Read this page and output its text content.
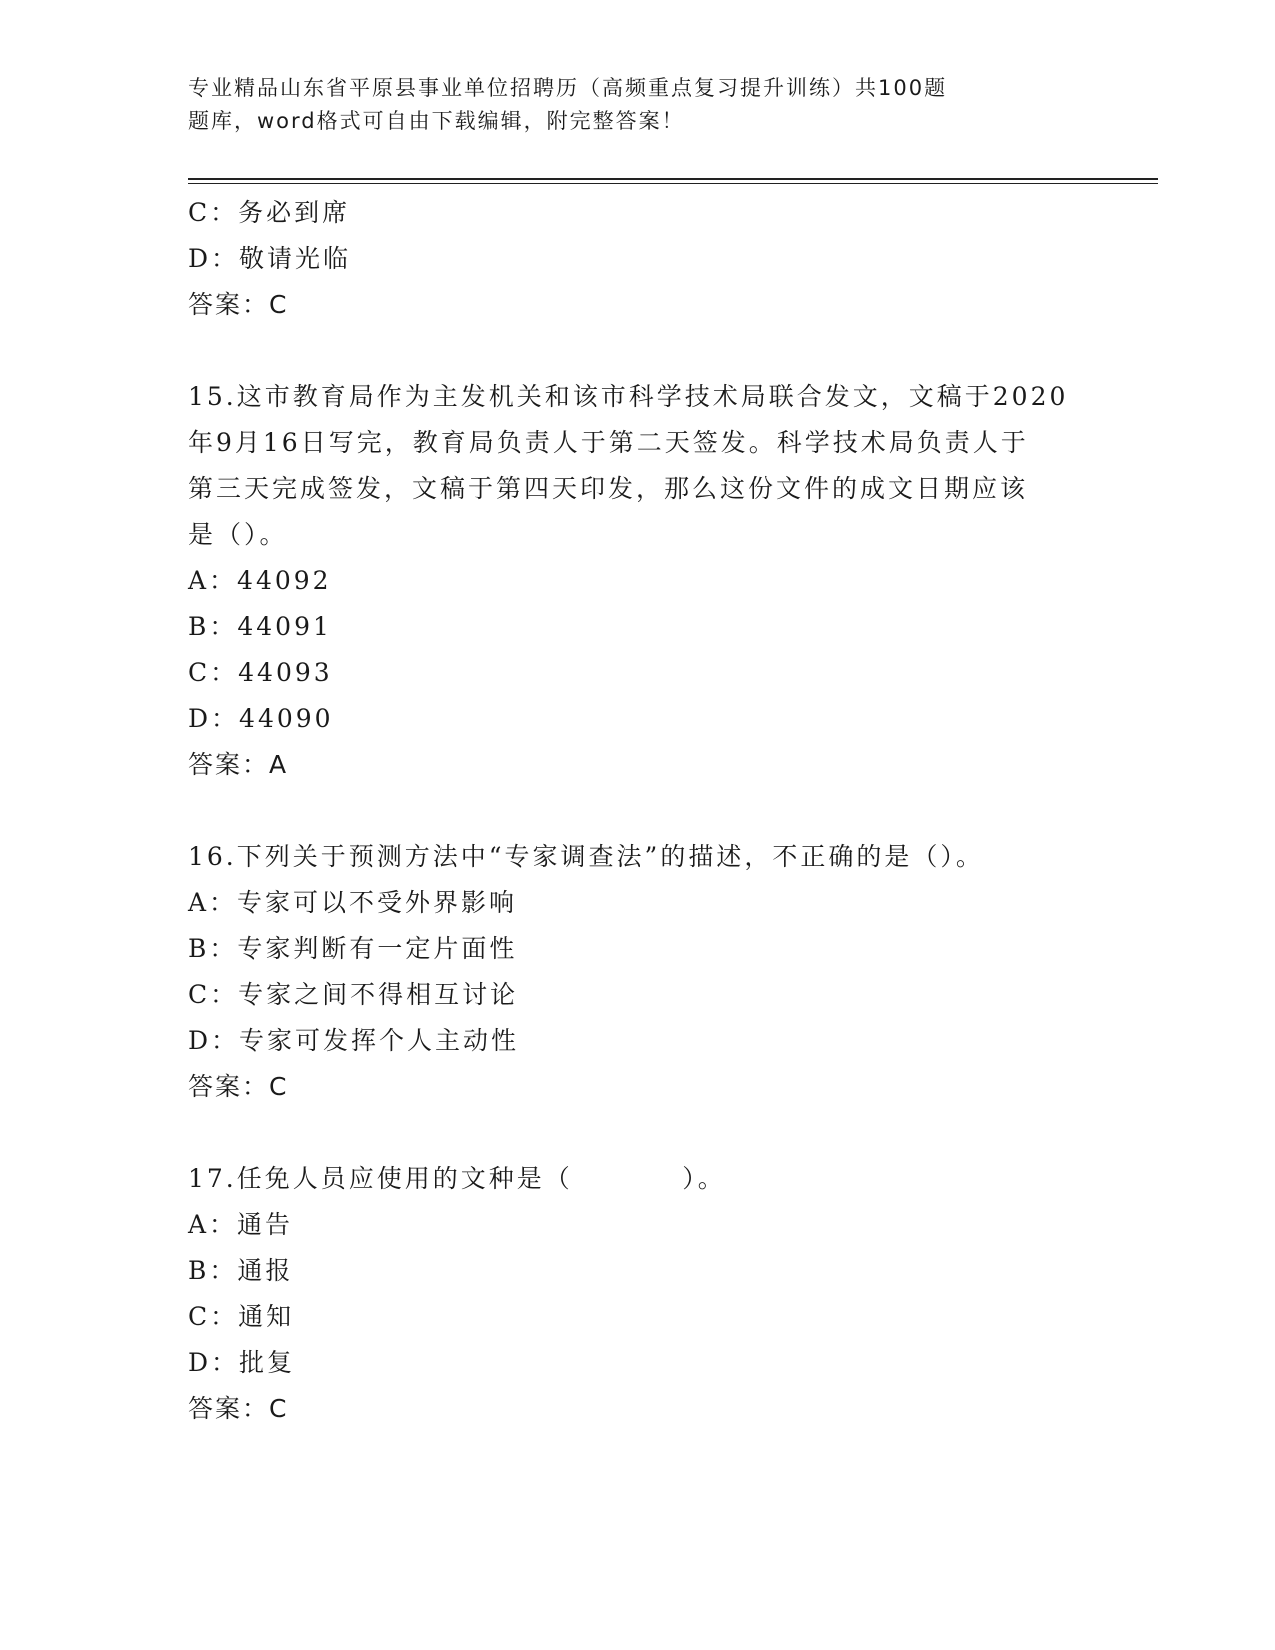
专业精品山东省平原县事业单位招聘历（高频重点复习提升训练）共100题
题库，word格式可自由下载编辑，附完整答案！
C：务必到席
D：敬请光临
答案：C
15.这市教育局作为主发机关和该市科学技术局联合发文，文稿于2020
年9月16日写完，教育局负责人于第二天签发。科学技术局负责人于
第三天完成签发，文稿于第四天印发，那么这份文件的成文日期应该
是（）。
A：44092
B：44091
C：44093
D：44090
答案：A
16.下列关于预测方法中“专家调查法”的描述，不正确的是（）。
A：专家可以不受外界影响
B：专家判断有一定片面性
C：专家之间不得相互讨论
D：专家可发挥个人主动性
答案：C
17.任免人员应使用的文种是（          ）。
A：通告
B：通报
C：通知
D：批复
答案：C
